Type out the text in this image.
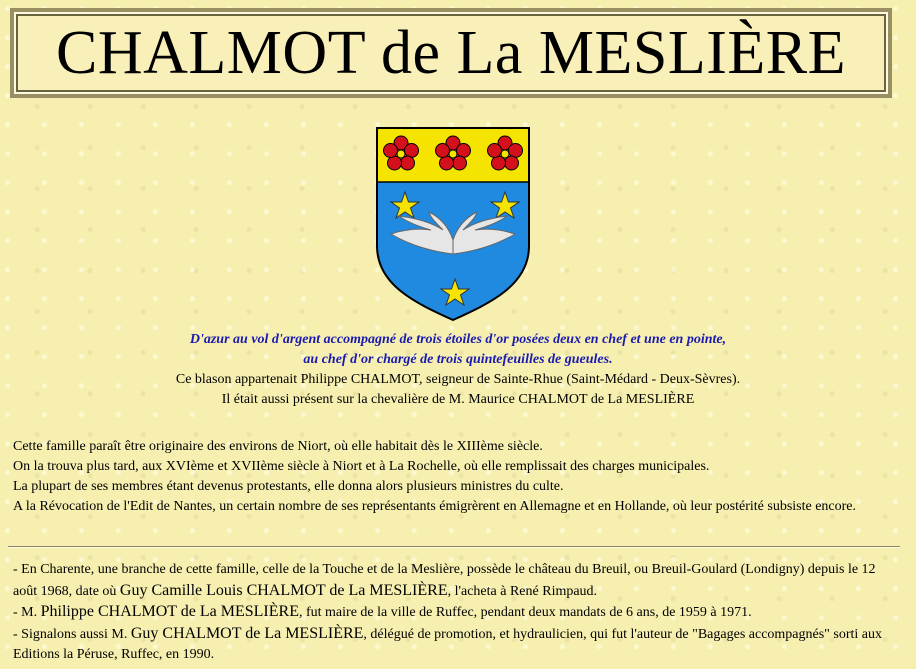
CHALMOT de La MESLIÈRE
D'azur au vol d'argent accompagné de trois étoiles d'or posées deux en chef et une en pointe,
au chef d'or chargé de trois quintefeuilles de gueules.
Ce blason appartenait Philippe CHALMOT, seigneur de Sainte-Rhue (Saint-Médard - Deux-Sèvres).
Il était aussi présent sur la chevalière de M. Maurice CHALMOT de La MESLIÈRE
Cette famille paraît être originaire des environs de Niort, où elle habitait dès le XIIIème siècle.
On la trouva plus tard, aux XVIème et XVIIème siècle à Niort et à La Rochelle, où elle remplissait des charges municipales.
La plupart de ses membres étant devenus protestants, elle donna alors plusieurs ministres du culte.
A la Révocation de l'Edit de Nantes, un certain nombre de ses représentants émigrèrent en Allemagne et en Hollande, où leur postérité subsiste encore.
- En Charente, une branche de cette famille, celle de la Touche et de la Meslière, possède le château du Breuil, ou Breuil-Goulard (Londigny) depuis le 12 août 1968, date où Guy Camille Louis CHALMOT de La MESLIÈRE, l'acheta à René Rimpaud.
- M. Philippe CHALMOT de La MESLIÈRE, fut maire de la ville de Ruffec, pendant deux mandats de 6 ans, de 1959 à 1971.
- Signalons aussi M. Guy CHALMOT de La MESLIÈRE, délégué de promotion, et hydraulicien, qui fut l'auteur de "Bagages accompagnés" sorti aux Editions la Péruse, Ruffec, en 1990.
